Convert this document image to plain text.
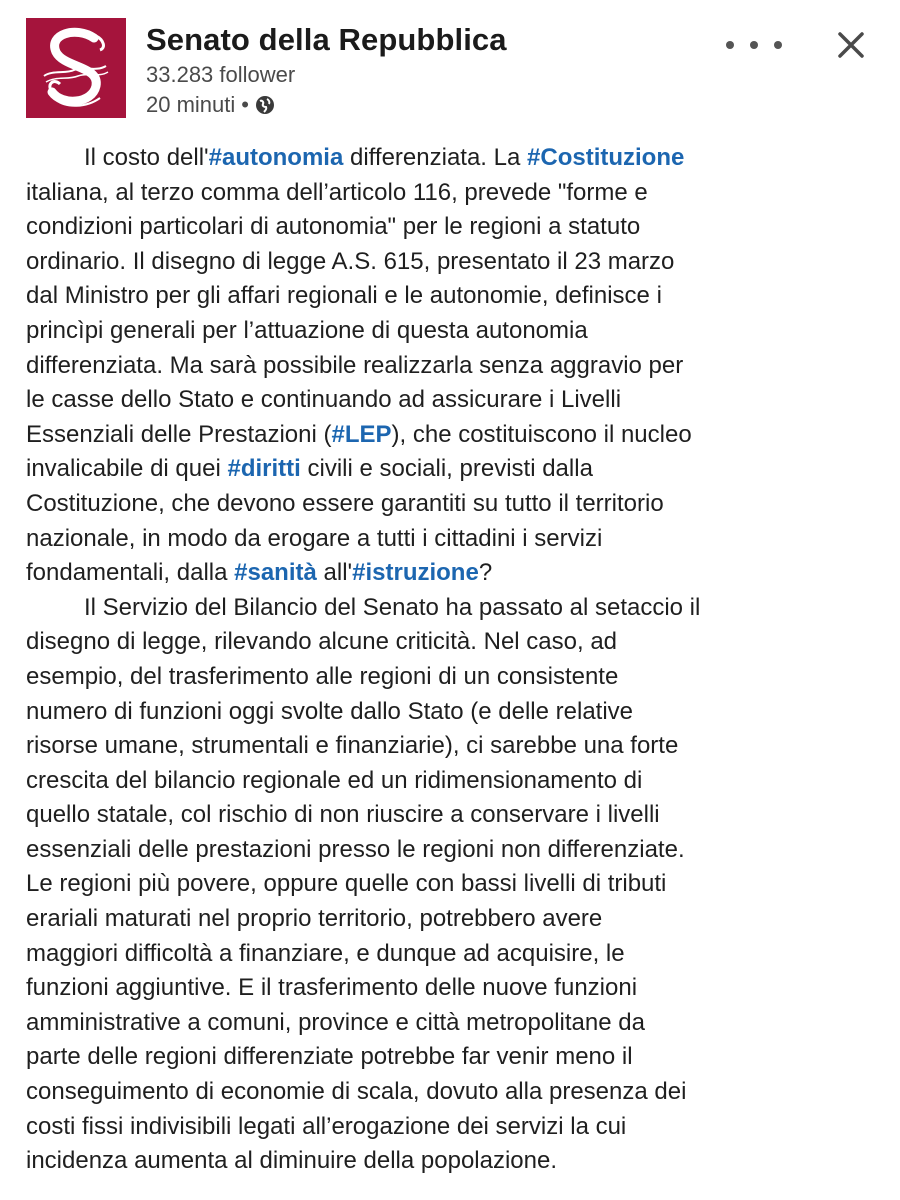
Senato della Repubblica
33.283 follower
20 minuti •
Il costo dell'#autonomia differenziata. La #Costituzione
italiana, al terzo comma dell’articolo 116, prevede "forme e
condizioni particolari di autonomia" per le regioni a statuto
ordinario. Il disegno di legge A.S. 615, presentato il 23 marzo
dal Ministro per gli affari regionali e le autonomie, definisce i
princìpi generali per l’attuazione di questa autonomia
differenziata. Ma sarà possibile realizzarla senza aggravio per
le casse dello Stato e continuando ad assicurare i Livelli
Essenziali delle Prestazioni (#LEP), che costituiscono il nucleo
invalicabile di quei #diritti civili e sociali, previsti dalla
Costituzione, che devono essere garantiti su tutto il territorio
nazionale, in modo da erogare a tutti i cittadini i servizi
fondamentali, dalla #sanità all'#istruzione?
Il Servizio del Bilancio del Senato ha passato al setaccio il
disegno di legge, rilevando alcune criticità. Nel caso, ad
esempio, del trasferimento alle regioni di un consistente
numero di funzioni oggi svolte dallo Stato (e delle relative
risorse umane, strumentali e finanziarie), ci sarebbe una forte
crescita del bilancio regionale ed un ridimensionamento di
quello statale, col rischio di non riuscire a conservare i livelli
essenziali delle prestazioni presso le regioni non differenziate.
Le regioni più povere, oppure quelle con bassi livelli di tributi
erariali maturati nel proprio territorio, potrebbero avere
maggiori difficoltà a finanziare, e dunque ad acquisire, le
funzioni aggiuntive. E il trasferimento delle nuove funzioni
amministrative a comuni, province e città metropolitane da
parte delle regioni differenziate potrebbe far venir meno il
conseguimento di economie di scala, dovuto alla presenza dei
costi fissi indivisibili legati all’erogazione dei servizi la cui
incidenza aumenta al diminuire della popolazione.
